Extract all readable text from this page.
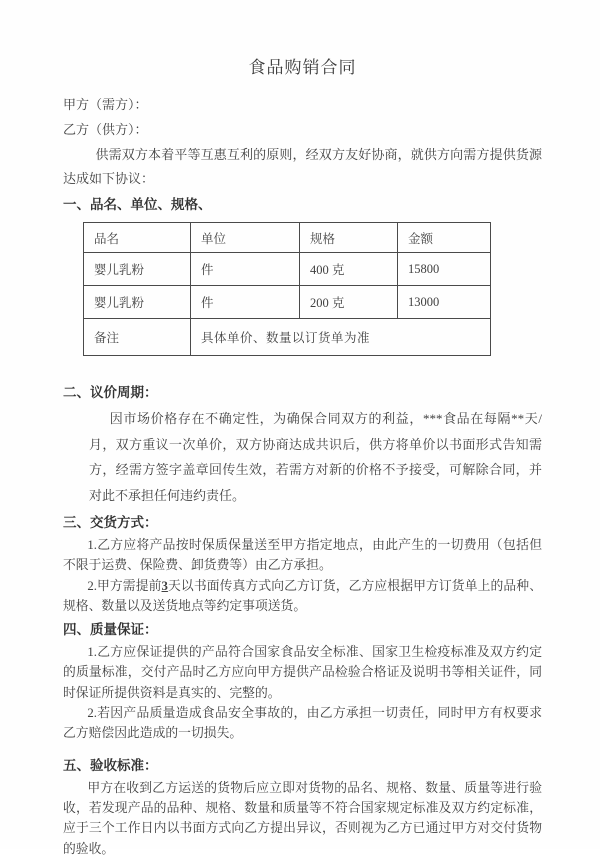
食品购销合同

甲方（需方）：

乙方（供方）：

供需双方本着平等互惠互利的原则，经双方友好协商，就供方向需方提供货源达成如下协议：

一、品名、单位、规格、
品名	单位	规格	金额
婴儿乳粉	件	400 克	15800
婴儿乳粉	件	200 克	13000
备注	具体单价、数量以订货单为准		
二、议价周期：

因市场价格存在不确定性，为确保合同双方的利益，***食品在每隔**天/月，双方重议一次单价，双方协商达成共识后，供方将单价以书面形式告知需方，经需方签字盖章回传生效，若需方对新的价格不予接受，可解除合同，并对此不承担任何违约责任。

三、交货方式：

1.乙方应将产品按时保质保量送至甲方指定地点，由此产生的一切费用（包括但不限于运费、保险费、卸货费等）由乙方承担。

2.甲方需提前3天以书面传真方式向乙方订货，乙方应根据甲方订货单上的品种、规格、数量以及送货地点等约定事项送货。

四、质量保证：

1.乙方应保证提供的产品符合国家食品安全标准、国家卫生检疫标准及双方约定的质量标准，交付产品时乙方应向甲方提供产品检验合格证及说明书等相关证件，同时保证所提供资料是真实的、完整的。

2.若因产品质量造成食品安全事故的，由乙方承担一切责任，同时甲方有权要求乙方赔偿因此造成的一切损失。

五、验收标准：

甲方在收到乙方运送的货物后应立即对货物的品名、规格、数量、质量等进行验收，若发现产品的品种、规格、数量和质量等不符合国家规定标准及双方约定标准，应于三个工作日内以书面方式向乙方提出异议，否则视为乙方已通过甲方对交付货物的验收。
